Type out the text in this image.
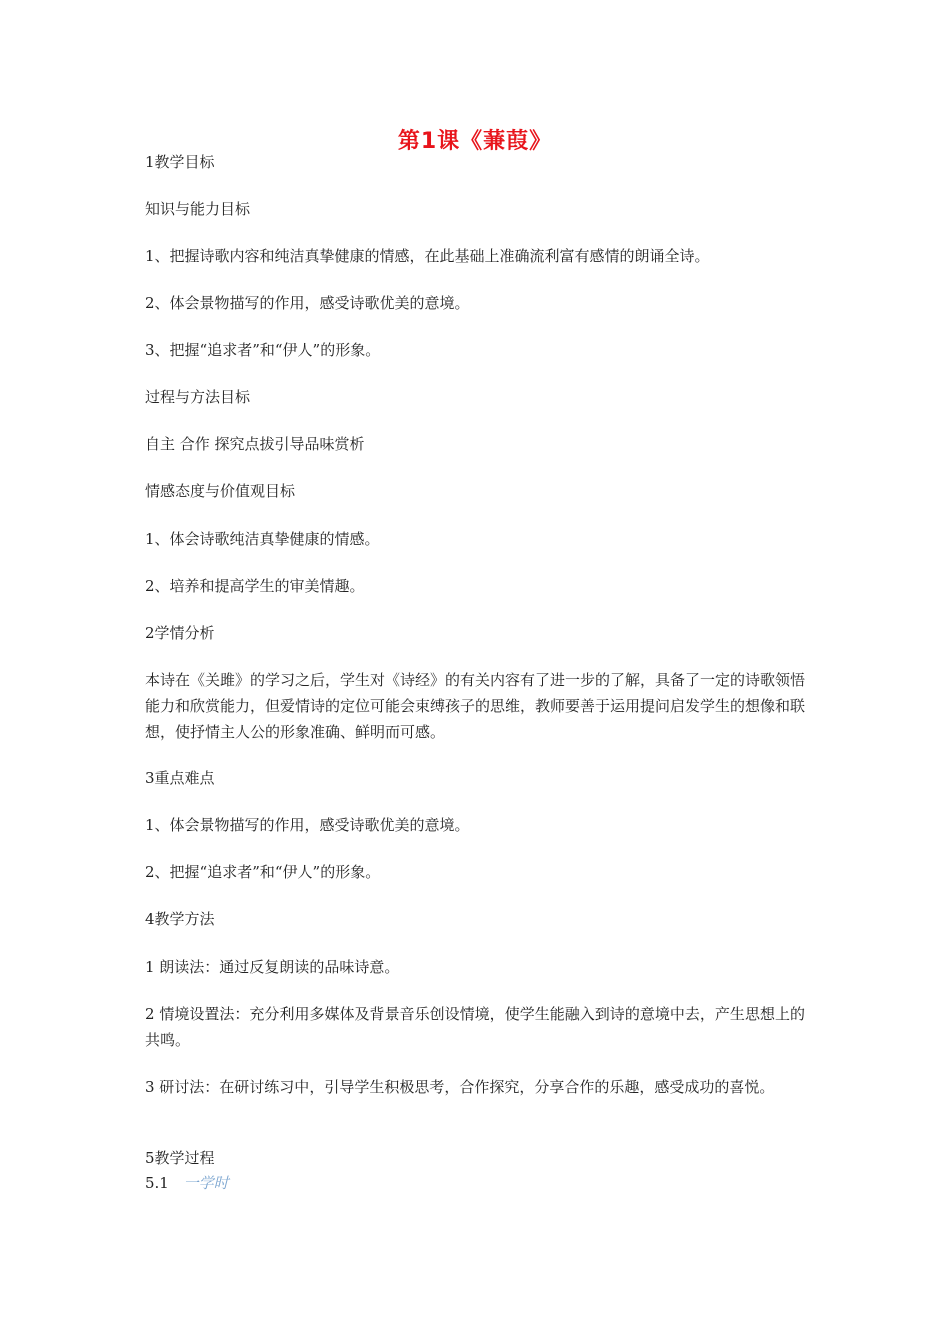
第1课《蒹葭》
1教学目标
知识与能力目标
1、把握诗歌内容和纯洁真挚健康的情感，在此基础上准确流利富有感情的朗诵全诗。
2、体会景物描写的作用，感受诗歌优美的意境。
3、把握“追求者”和“伊人”的形象。
过程与方法目标
自主 合作 探究点拔引导品味赏析
情感态度与价值观目标
1、体会诗歌纯洁真挚健康的情感。
2、培养和提高学生的审美情趣。
2学情分析
本诗在《关雎》的学习之后，学生对《诗经》的有关内容有了进一步的了解，具备了一定的诗歌领悟能力和欣赏能力，但爱情诗的定位可能会束缚孩子的思维，教师要善于运用提问启发学生的想像和联想，使抒情主人公的形象准确、鲜明而可感。
3重点难点
1、体会景物描写的作用，感受诗歌优美的意境。
2、把握“追求者”和“伊人”的形象。
4教学方法
1 朗读法：通过反复朗读的品味诗意。
2 情境设置法：充分利用多媒体及背景音乐创设情境，使学生能融入到诗的意境中去，产生思想上的共鸣。
3 研讨法：在研讨练习中，引导学生积极思考，合作探究，分享合作的乐趣，感受成功的喜悦。
5教学过程
5.1 一学时
